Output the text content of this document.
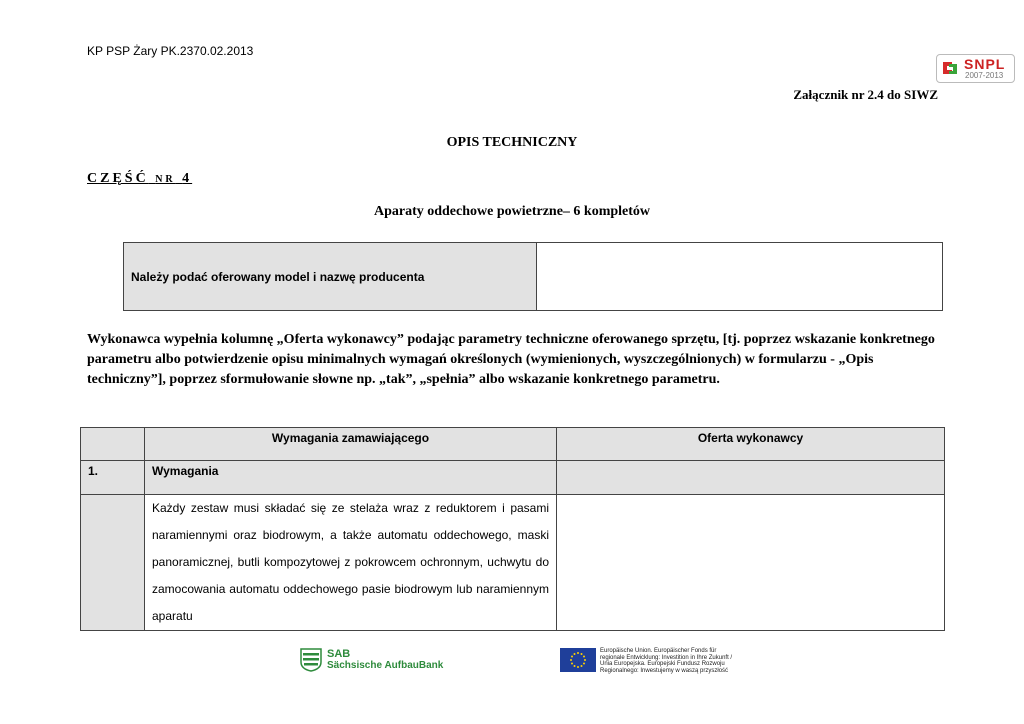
KP PSP Żary PK.2370.02.2013
SNPL
2007-2013
Załącznik nr 2.4 do SIWZ
OPIS TECHNICZNY
CZĘŚĆ NR 4
Aparaty oddechowe powietrzne– 6 kompletów
Należy podać oferowany model i nazwę producenta
Wykonawca wypełnia kolumnę „Oferta wykonawcy” podając parametry techniczne oferowanego sprzętu, [tj. poprzez wskazanie konkretnego parametru albo potwierdzenie opisu minimalnych wymagań określonych (wymienionych, wyszczególnionych) w formularzu - „Opis techniczny”], poprzez sformułowanie słowne np. „tak”, „spełnia” albo wskazanie konkretnego parametru.
	Wymagania zamawiającego	Oferta wykonawcy
1.	Wymagania	
	Każdy zestaw musi składać się ze stelaża wraz z reduktorem i pasami naramiennymi oraz biodrowym, a także automatu oddechowego, maski panoramicznej, butli kompozytowej z pokrowcem ochronnym, uchwytu do zamocowania automatu oddechowego pasie biodrowym lub naramiennym aparatu	
SAB
Sächsische AufbauBank
Europäische Union. Europäischer Fonds für
regionale Entwicklung: Investition in Ihre Zukunft /
Unia Europejska. Europejski Fundusz Rozwoju
Regionalnego: Inwestujemy w waszą przyszłość
